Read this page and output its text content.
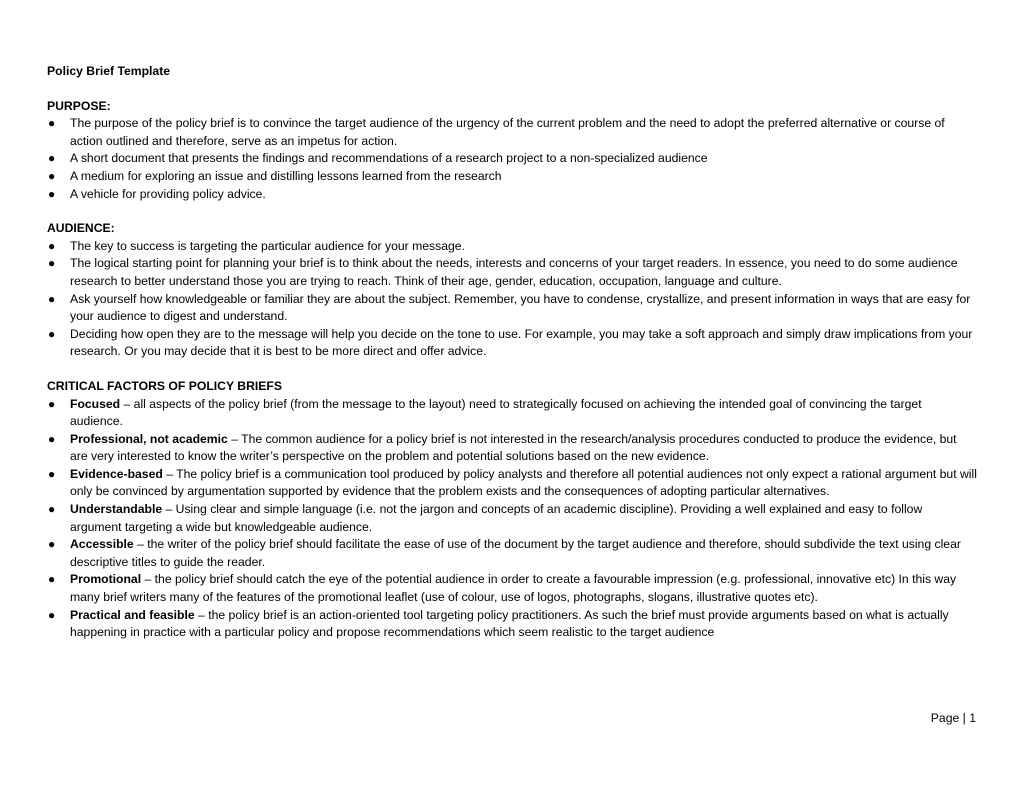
Policy Brief Template

PURPOSE:

● The purpose of the policy brief is to convince the target audience of the urgency of the current problem and the need to adopt the preferred alternative or course of action outlined and therefore, serve as an impetus for action.
● A short document that presents the findings and recommendations of a research project to a non-specialized audience
● A medium for exploring an issue and distilling lessons learned from the research
● A vehicle for providing policy advice.

AUDIENCE:

● The key to success is targeting the particular audience for your message.
● The logical starting point for planning your brief is to think about the needs, interests and concerns of your target readers. In essence, you need to do some audience research to better understand those you are trying to reach. Think of their age, gender, education, occupation, language and culture.
● Ask yourself how knowledgeable or familiar they are about the subject. Remember, you have to condense, crystallize, and present information in ways that are easy for your audience to digest and understand.
● Deciding how open they are to the message will help you decide on the tone to use. For example, you may take a soft approach and simply draw implications from your research. Or you may decide that it is best to be more direct and offer advice.

CRITICAL FACTORS OF POLICY BRIEFS

● Focused – all aspects of the policy brief (from the message to the layout) need to strategically focused on achieving the intended goal of convincing the target audience.
● Professional, not academic – The common audience for a policy brief is not interested in the research/analysis procedures conducted to produce the evidence, but are very interested to know the writer’s perspective on the problem and potential solutions based on the new evidence.
● Evidence-based – The policy brief is a communication tool produced by policy analysts and therefore all potential audiences not only expect a rational argument but will only be convinced by argumentation supported by evidence that the problem exists and the consequences of adopting particular alternatives.
● Understandable – Using clear and simple language (i.e. not the jargon and concepts of an academic discipline). Providing a well explained and easy to follow argument targeting a wide but knowledgeable audience.
● Accessible – the writer of the policy brief should facilitate the ease of use of the document by the target audience and therefore, should subdivide the text using clear descriptive titles to guide the reader.
● Promotional – the policy brief should catch the eye of the potential audience in order to create a favourable impression (e.g. professional, innovative etc) In this way many brief writers many of the features of the promotional leaflet (use of colour, use of logos, photographs, slogans, illustrative quotes etc).
● Practical and feasible – the policy brief is an action-oriented tool targeting policy practitioners. As such the brief must provide arguments based on what is actually happening in practice with a particular policy and propose recommendations which seem realistic to the target audience
Page | 1
